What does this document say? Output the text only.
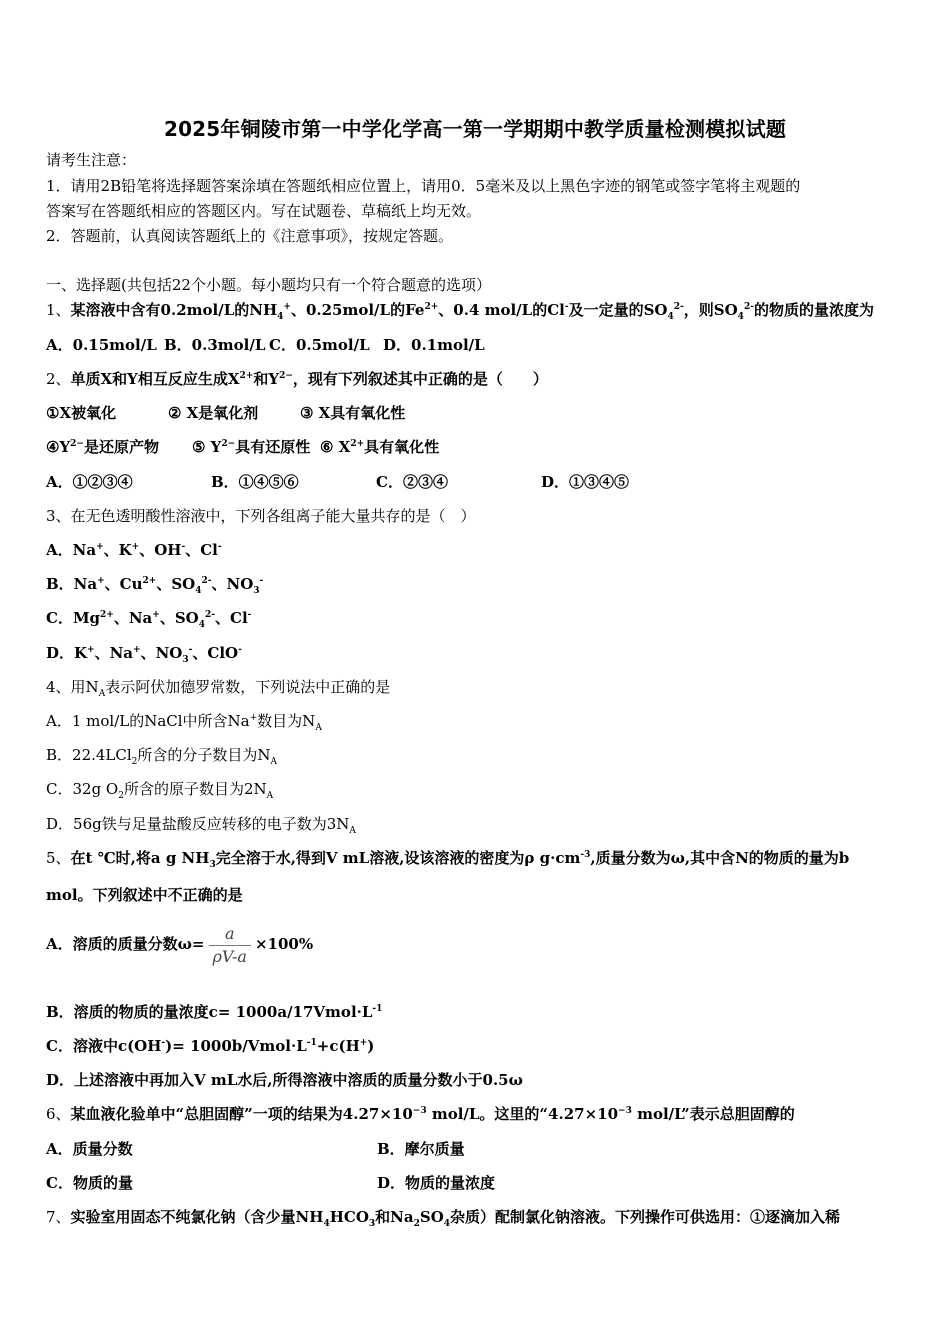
2025年铜陵市第一中学化学高一第一学期期中教学质量检测模拟试题
请考生注意：
1．请用2B铅笔将选择题答案涂填在答题纸相应位置上，请用0．5毫米及以上黑色字迹的钢笔或签字笔将主观题的
答案写在答题纸相应的答题区内。写在试题卷、草稿纸上均无效。
2．答题前，认真阅读答题纸上的《注意事项》，按规定答题。
一、选择题(共包括22个小题。每小题均只有一个符合题意的选项）
1、某溶液中含有0.2mol/L的$NH_4^+$、0.25mol/L的$Fe^{2+}$、0.4 mol/L的Cl-及一定量的$SO_4^{2-}$，则$SO_4^{2-}$的物质的量浓度为
A．0.15mol/L B．0.3mol/L C．0.5mol/L D．0.1mol/L
2、单质X和Y相互反应生成$X^{2+}$和$Y^{2-}$，现有下列叙述其中正确的是（　　）
①X被氧化	② X是氧化剂	③ X具有氧化性
$④Y^{2-}$是还原产物 ⑤ $Y^{2-}$具有还原性 ⑥ $X^{2+}$具有氧化性
A．①②③④	B．①④⑤⑥	C．②③④	D．①③④⑤
3、在无色透明酸性溶液中，下列各组离子能大量共存的是（　）
A．Na+、K+、OH-、Cl-
B．Na+、$Cu^{2+}$、$SO_4^{2-}$、$NO_3^-$
C．$Mg^{2+}$、Na+、$SO_4^{2-}$、Cl-
D．K+、Na+、$NO_3^-$、ClO-
4、用$N_A$表示阿伏加德罗常数，下列说法中正确的是
A．1 mol/L的NaCl中所含Na+数目为$N_A$
B．22.4LCl$_2$所含的分子数目为$N_A$
C．32g $O_2$所含的原子数目为$2N_A$
D．56g铁与足量盐酸反应转移的电子数为$3N_A$
5、在t ℃时,将a g $NH_3$完全溶于水,得到V mL溶液,设该溶液的密度为ρ $g\cdot cm^{-3}$,质量分数为ω,其中含N的物质的量为b
mol。下列叙述中不正确的是
A．溶质的质量分数$\omega= \frac{a}{\rho V-a} \times 100\%$
B．溶质的物质的量浓度$c= 1000a/17Vmol\cdot L^{-1}$
C．溶液中$c(OH^-)= 1000b/Vmol\cdot L^{-1}+c(H^+)$
D．上述溶液中再加入V mL水后,所得溶液中溶质的质量分数小于0.5ω
6、某血液化验单中“总胆固醇”一项的结果为$4.27\times 10^{-3}$ mol/L。这里的“$4.27\times 10^{-3}$ mol/L”表示总胆固醇的
A．质量分数	B．摩尔质量
C．物质的量	D．物质的量浓度
7、实验室用固态不纯氯化钠（含少量$NH_4HCO_3$和$Na_2SO_4$杂质）配制氯化钠溶液。下列操作可供选用：①逐滴加入稀
